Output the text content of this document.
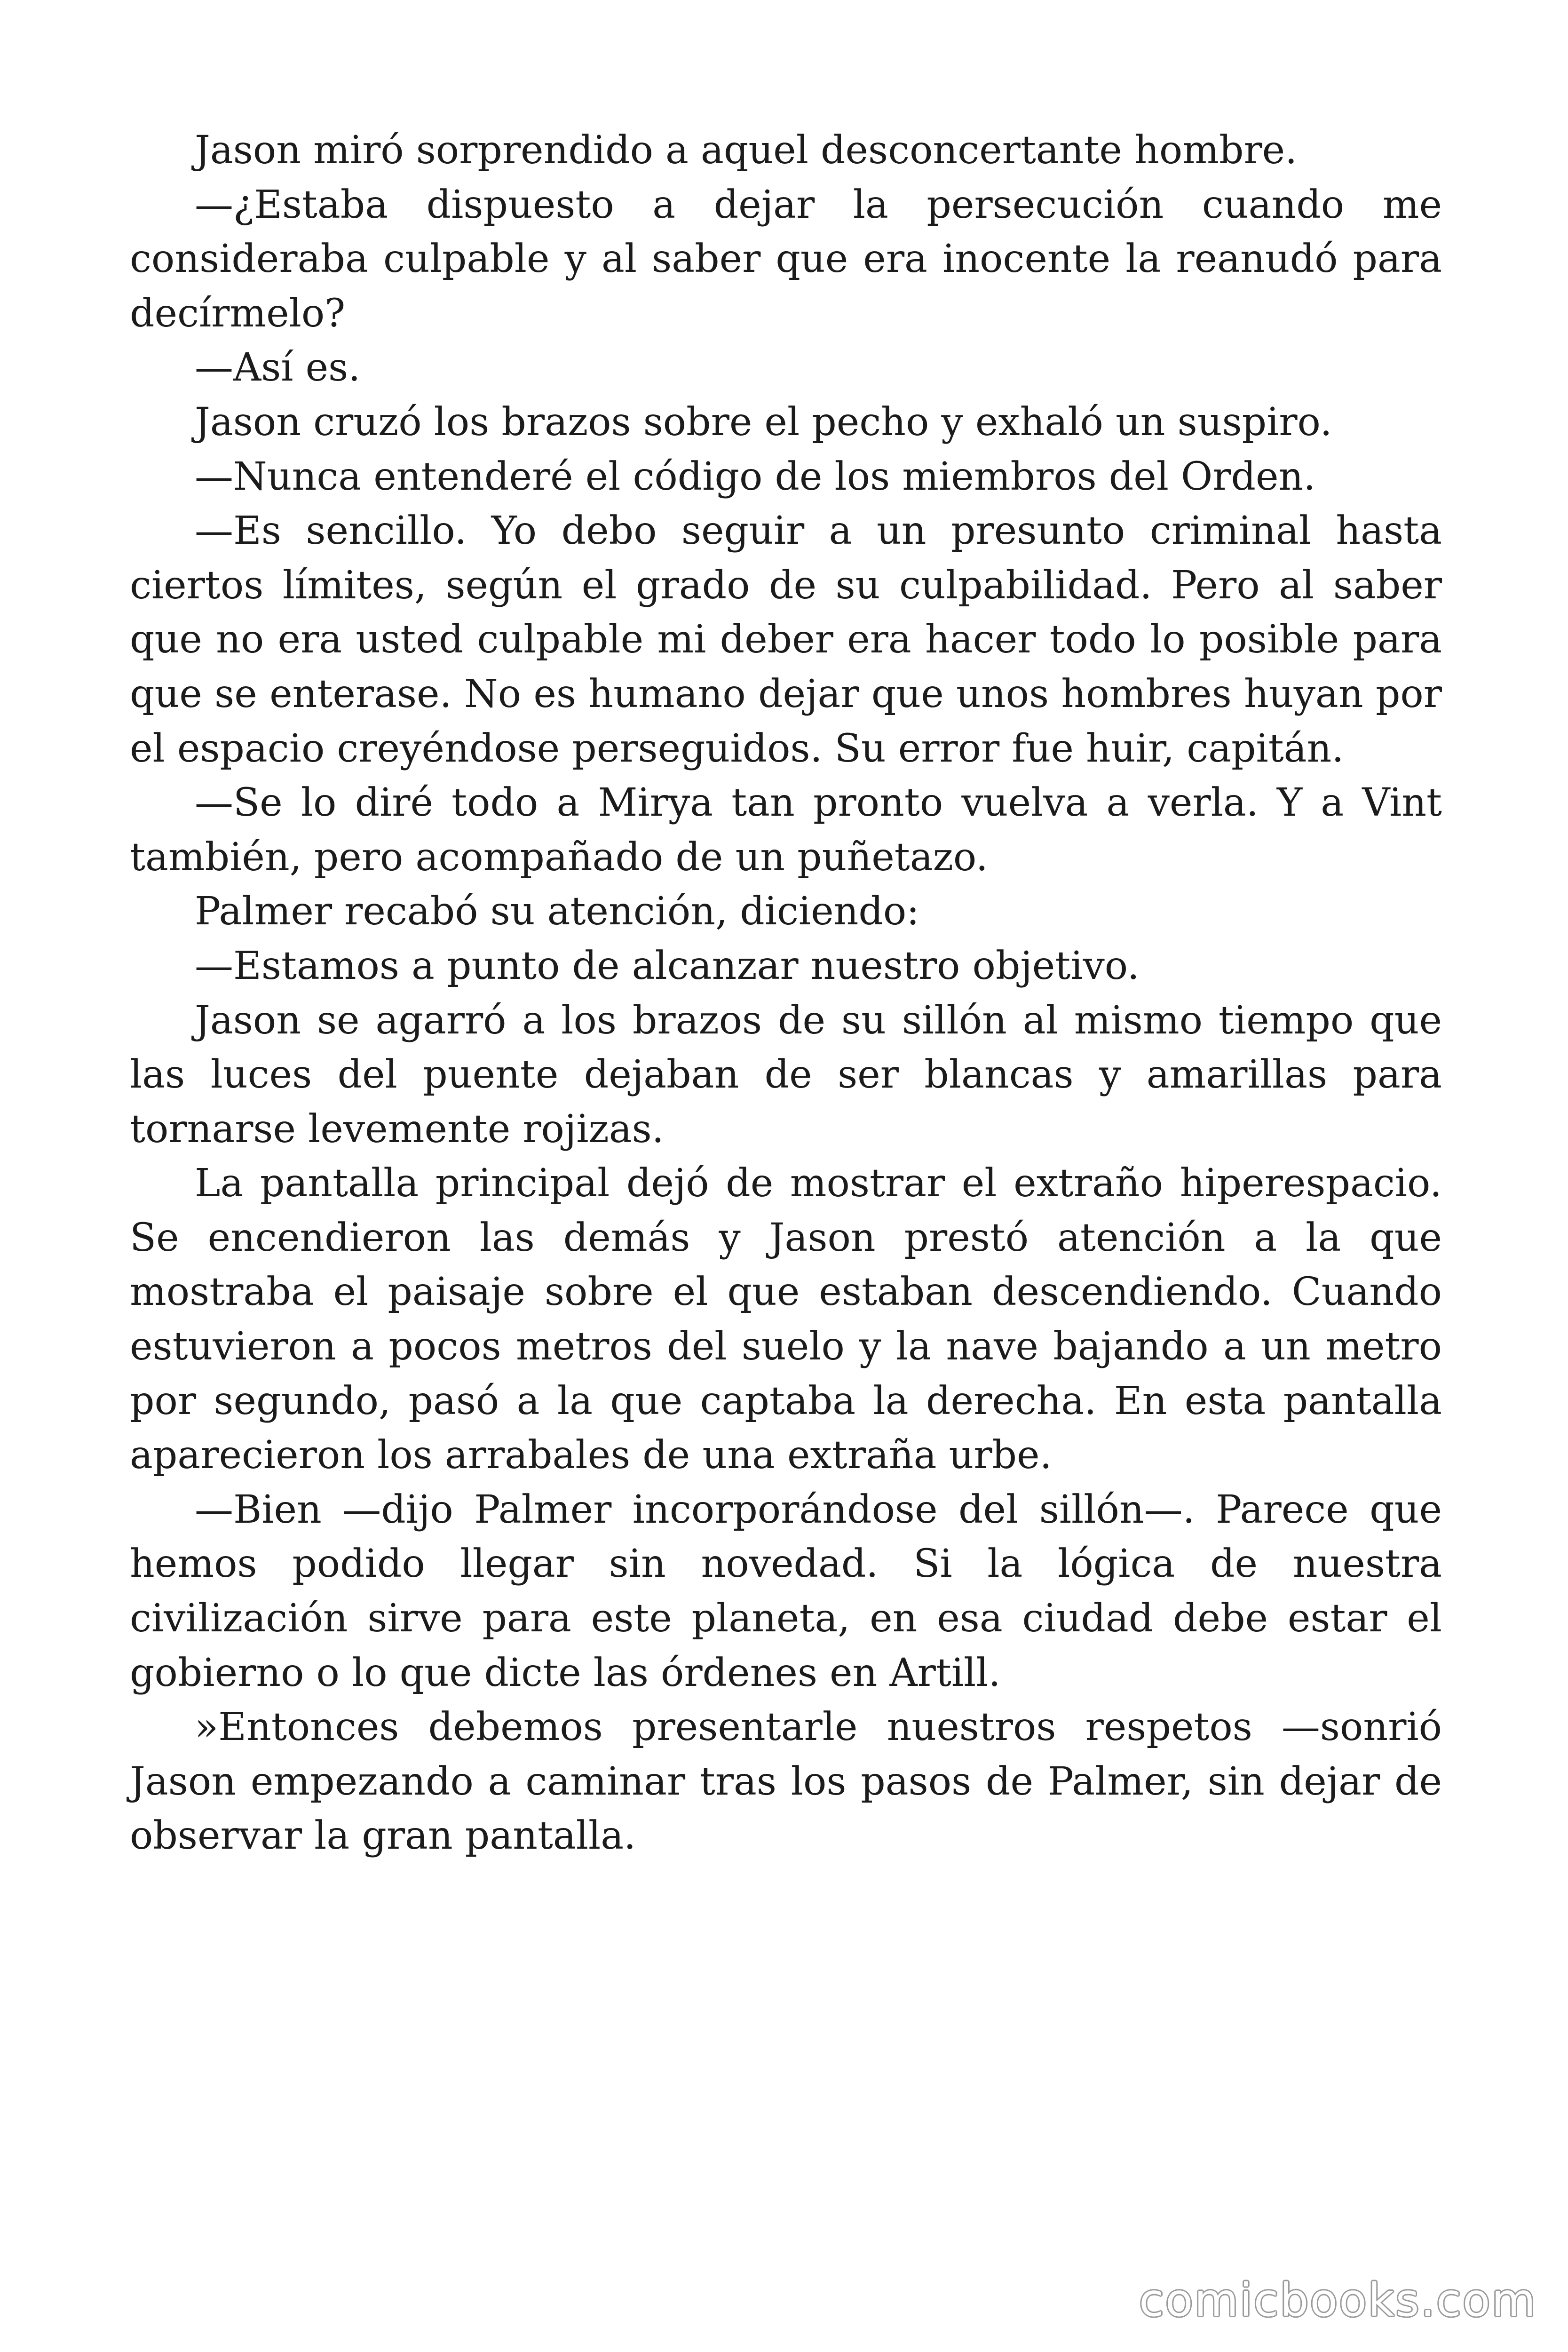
Jason miró sorprendido a aquel desconcertante hombre.

—¿Estaba dispuesto a dejar la persecución cuando me consideraba culpable y al saber que era inocente la reanudó para decírmelo?

—Así es.

Jason cruzó los brazos sobre el pecho y exhaló un suspiro.

—Nunca entenderé el código de los miembros del Orden.

—Es sencillo. Yo debo seguir a un presunto criminal hasta ciertos límites, según el grado de su culpabilidad. Pero al saber que no era usted culpable mi deber era hacer todo lo posible para que se enterase. No es humano dejar que unos hombres huyan por el espacio creyéndose perseguidos. Su error fue huir, capitán.

—Se lo diré todo a Mirya tan pronto vuelva a verla. Y a Vint también, pero acompañado de un puñetazo.

Palmer recabó su atención, diciendo:

—Estamos a punto de alcanzar nuestro objetivo.

Jason se agarró a los brazos de su sillón al mismo tiempo que las luces del puente dejaban de ser blancas y amarillas para tornarse levemente rojizas.

La pantalla principal dejó de mostrar el extraño hiperespacio. Se encendieron las demás y Jason prestó atención a la que mostraba el paisaje sobre el que estaban descendiendo. Cuando estuvieron a pocos metros del suelo y la nave bajando a un metro por segundo, pasó a la que captaba la derecha. En esta pantalla aparecieron los arrabales de una extraña urbe.

—Bien —dijo Palmer incorporándose del sillón—. Parece que hemos podido llegar sin novedad. Si la lógica de nuestra civilización sirve para este planeta, en esa ciudad debe estar el gobierno o lo que dicte las órdenes en Artill.

»Entonces debemos presentarle nuestros respetos —sonrió Jason empezando a caminar tras los pasos de Palmer, sin dejar de observar la gran pantalla.

comicbooks.com
